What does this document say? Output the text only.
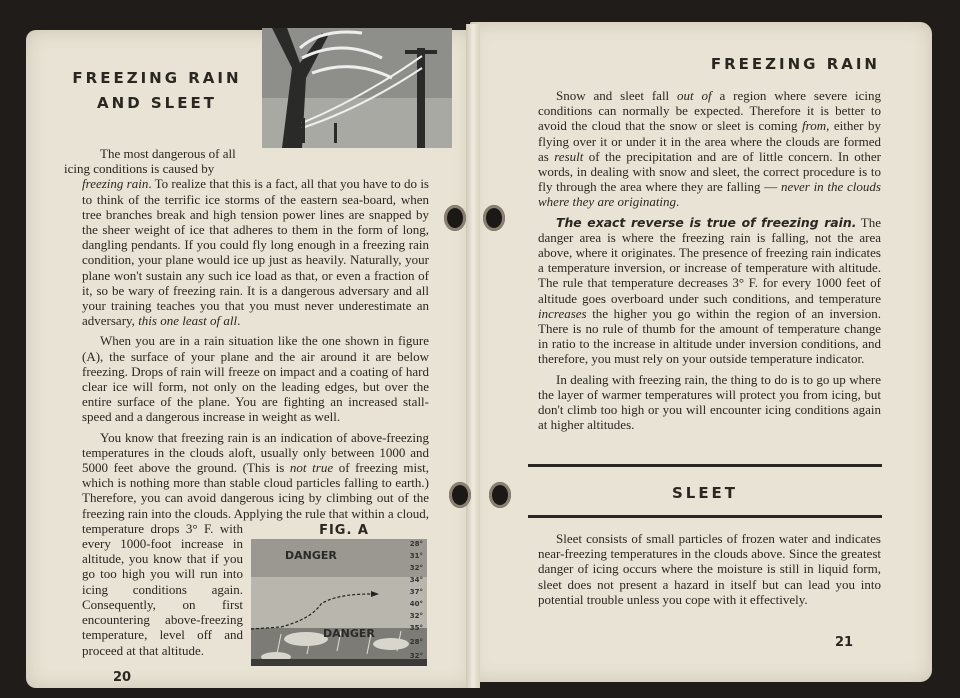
FREEZING RAIN
AND SLEET

The most dangerous of all
icing conditions is caused by

freezing rain. To realize that this is a fact, all that you have to do is to think of the terrific ice storms of the eastern sea-board, when tree branches break and high tension power lines are snapped by the sheer weight of ice that adheres to them in the form of long, dangling pendants. If you could fly long enough in a freezing rain condition, your plane would ice up just as heavily. Naturally, your plane won't sustain any such ice load as that, or even a fraction of it, so be wary of freezing rain. It is a dangerous adversary and all your training teaches you that you must never underestimate an adversary, this one least of all.

When you are in a rain situation like the one shown in figure (A), the surface of your plane and the air around it are below freezing. Drops of rain will freeze on impact and a coating of hard clear ice will form, not only on the leading edges, but over the entire surface of the plane. You are fighting an increased stall-speed and a dangerous increase in weight as well.

FIG. A
DANGER
DANGER
28°
31°
32°
34°
37°
40°
32°
35°
28°
32°

You know that freezing rain is an indication of above-freezing temperatures in the clouds aloft, usually only between 1000 and 5000 feet above the ground. (This is not true of freezing mist, which is nothing more than stable cloud particles falling to earth.) Therefore, you can avoid dangerous icing by climbing out of the freezing rain into the clouds. Applying the rule that within a cloud, temperature drops 3° F. with every 1000-foot increase in altitude, you know that if you go too high you will run into icing conditions again. Consequently, on first encountering above-freezing temperature, level off and proceed at that altitude.

20
FREEZING RAIN

Snow and sleet fall out of a region where severe icing conditions can normally be expected. Therefore it is better to avoid the cloud that the snow or sleet is coming from, either by flying over it or under it in the area where the clouds are formed as result of the precipitation and are of little concern. In other words, in dealing with snow and sleet, the correct procedure is to fly through the area where they are falling — never in the clouds where they are originating.

The exact reverse is true of freezing rain. The danger area is where the freezing rain is falling, not the area above, where it originates. The presence of freezing rain indicates a temperature inversion, or increase of temperature with altitude. The rule that temperature decreases 3° F. for every 1000 feet of altitude goes overboard under such conditions, and temperature increases the higher you go within the region of an inversion. There is no rule of thumb for the amount of temperature change in ratio to the increase in altitude under inversion conditions, and therefore, you must rely on your outside temperature indicator.

In dealing with freezing rain, the thing to do is to go up where the layer of warmer temperatures will protect you from icing, but don't climb too high or you will encounter icing conditions again at higher altitudes.

SLEET

Sleet consists of small particles of frozen water and indicates near-freezing temperatures in the clouds above. Since the greatest danger of icing occurs where the moisture is still in liquid form, sleet does not present a hazard in itself but can lead you into potential trouble unless you cope with it effectively.

21
